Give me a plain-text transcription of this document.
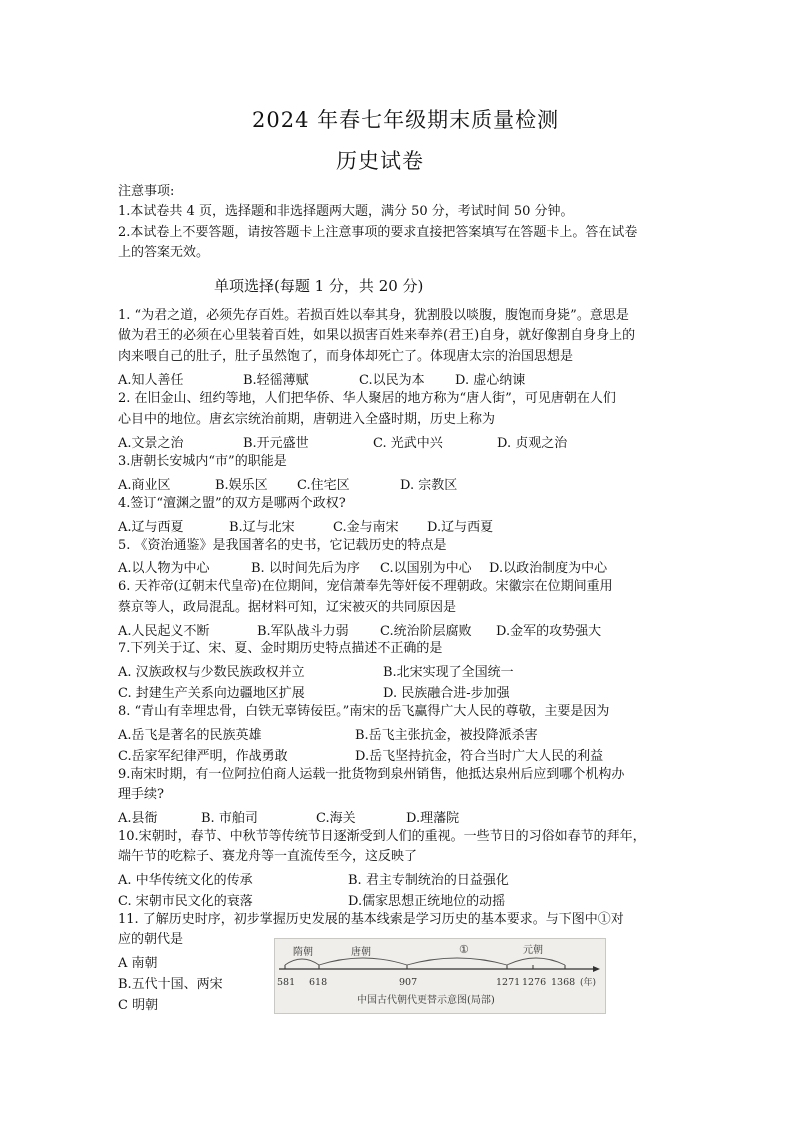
2024 年春七年级期末质量检测
历史试卷
注意事项:
1.本试卷共 4 页，选择题和非选择题两大题，满分 50 分，考试时间 50 分钟。
2.本试卷上不要答题，请按答题卡上注意事项的要求直接把答案填写在答题卡上。答在试卷
上的答案无效。
单项选择(每题 1 分，共 20 分)
1. “为君之道，必须先存百姓。若损百姓以奉其身，犹割股以啖腹，腹饱而身毙”。意思是
做为君王的必须在心里装着百姓，如果以损害百姓来奉养(君王)自身，就好像割自身身上的
肉来喂自己的肚子，肚子虽然饱了，而身体却死亡了。体现唐太宗的治国思想是
A.知人善任	B.轻徭薄赋	C.以民为本 D. 虚心纳谏
2. 在旧金山、纽约等地，人们把华侨、华人聚居的地方称为“唐人街”，可见唐朝在人们
心目中的地位。唐玄宗统治前期，唐朝进入全盛时期，历史上称为
A.文景之治	B.开元盛世	C. 光武中兴	D. 贞观之治
3.唐朝长安城内“市”的职能是
A.商业区	B.娱乐区 C.住宅区	D. 宗教区
4.签订“澶渊之盟”的双方是哪两个政权?
A.辽与西夏	B.辽与北宋	C.金与南宋 D.辽与西夏
5. 《资治通鉴》是我国著名的史书，它记载历史的特点是
A.以人物为中心	B. 以时间先后为序 C.以国别为中心 D.以政治制度为中心
6. 天祚帝(辽朝末代皇帝)在位期间，宠信萧奉先等奸佞不理朝政。宋徽宗在位期间重用
蔡京等人，政局混乱。据材料可知，辽宋被灭的共同原因是
A.人民起义不断	B.军队战斗力弱 C.统治阶层腐败 D.金军的攻势强大
7.下列关于辽、宋、夏、金时期历史特点描述不正确的是
A. 汉族政权与少数民族政权并立	B.北宋实现了全国统一
C. 封建生产关系向边疆地区扩展	D. 民族融合进-步加强
8. “青山有幸埋忠骨，白铁无辜铸佞臣。”南宋的岳飞赢得广大人民的尊敬，主要是因为
A.岳飞是著名的民族英雄	B.岳飞主张抗金，被投降派杀害
C.岳家军纪律严明，作战勇敢	D.岳飞坚持抗金，符合当时广大人民的利益
9.南宋时期，有一位阿拉伯商人运载一批货物到泉州销售，他抵达泉州后应到哪个机构办
理手续?
A.县衙	B. 市舶司	C.海关	D.理藩院
10.宋朝时，春节、中秋节等传统节日逐渐受到人们的重视。一些节日的习俗如春节的拜年，
端午节的吃粽子、赛龙舟等一直流传至今，这反映了
A. 中华传统文化的传承	B. 君主专制统治的日益强化
C. 宋朝市民文化的衰落	D.儒家思想正统地位的动摇
11. 了解历史时序，初步掌握历史发展的基本线索是学习历史的基本要求。与下图中①对
应的朝代是
A 南朝
B.五代十国、两宋
C 明朝
隋朝	唐朝	①	元朝
581 618	907	1271 1276 1368 (年)
中国古代朝代更替示意图(局部)
